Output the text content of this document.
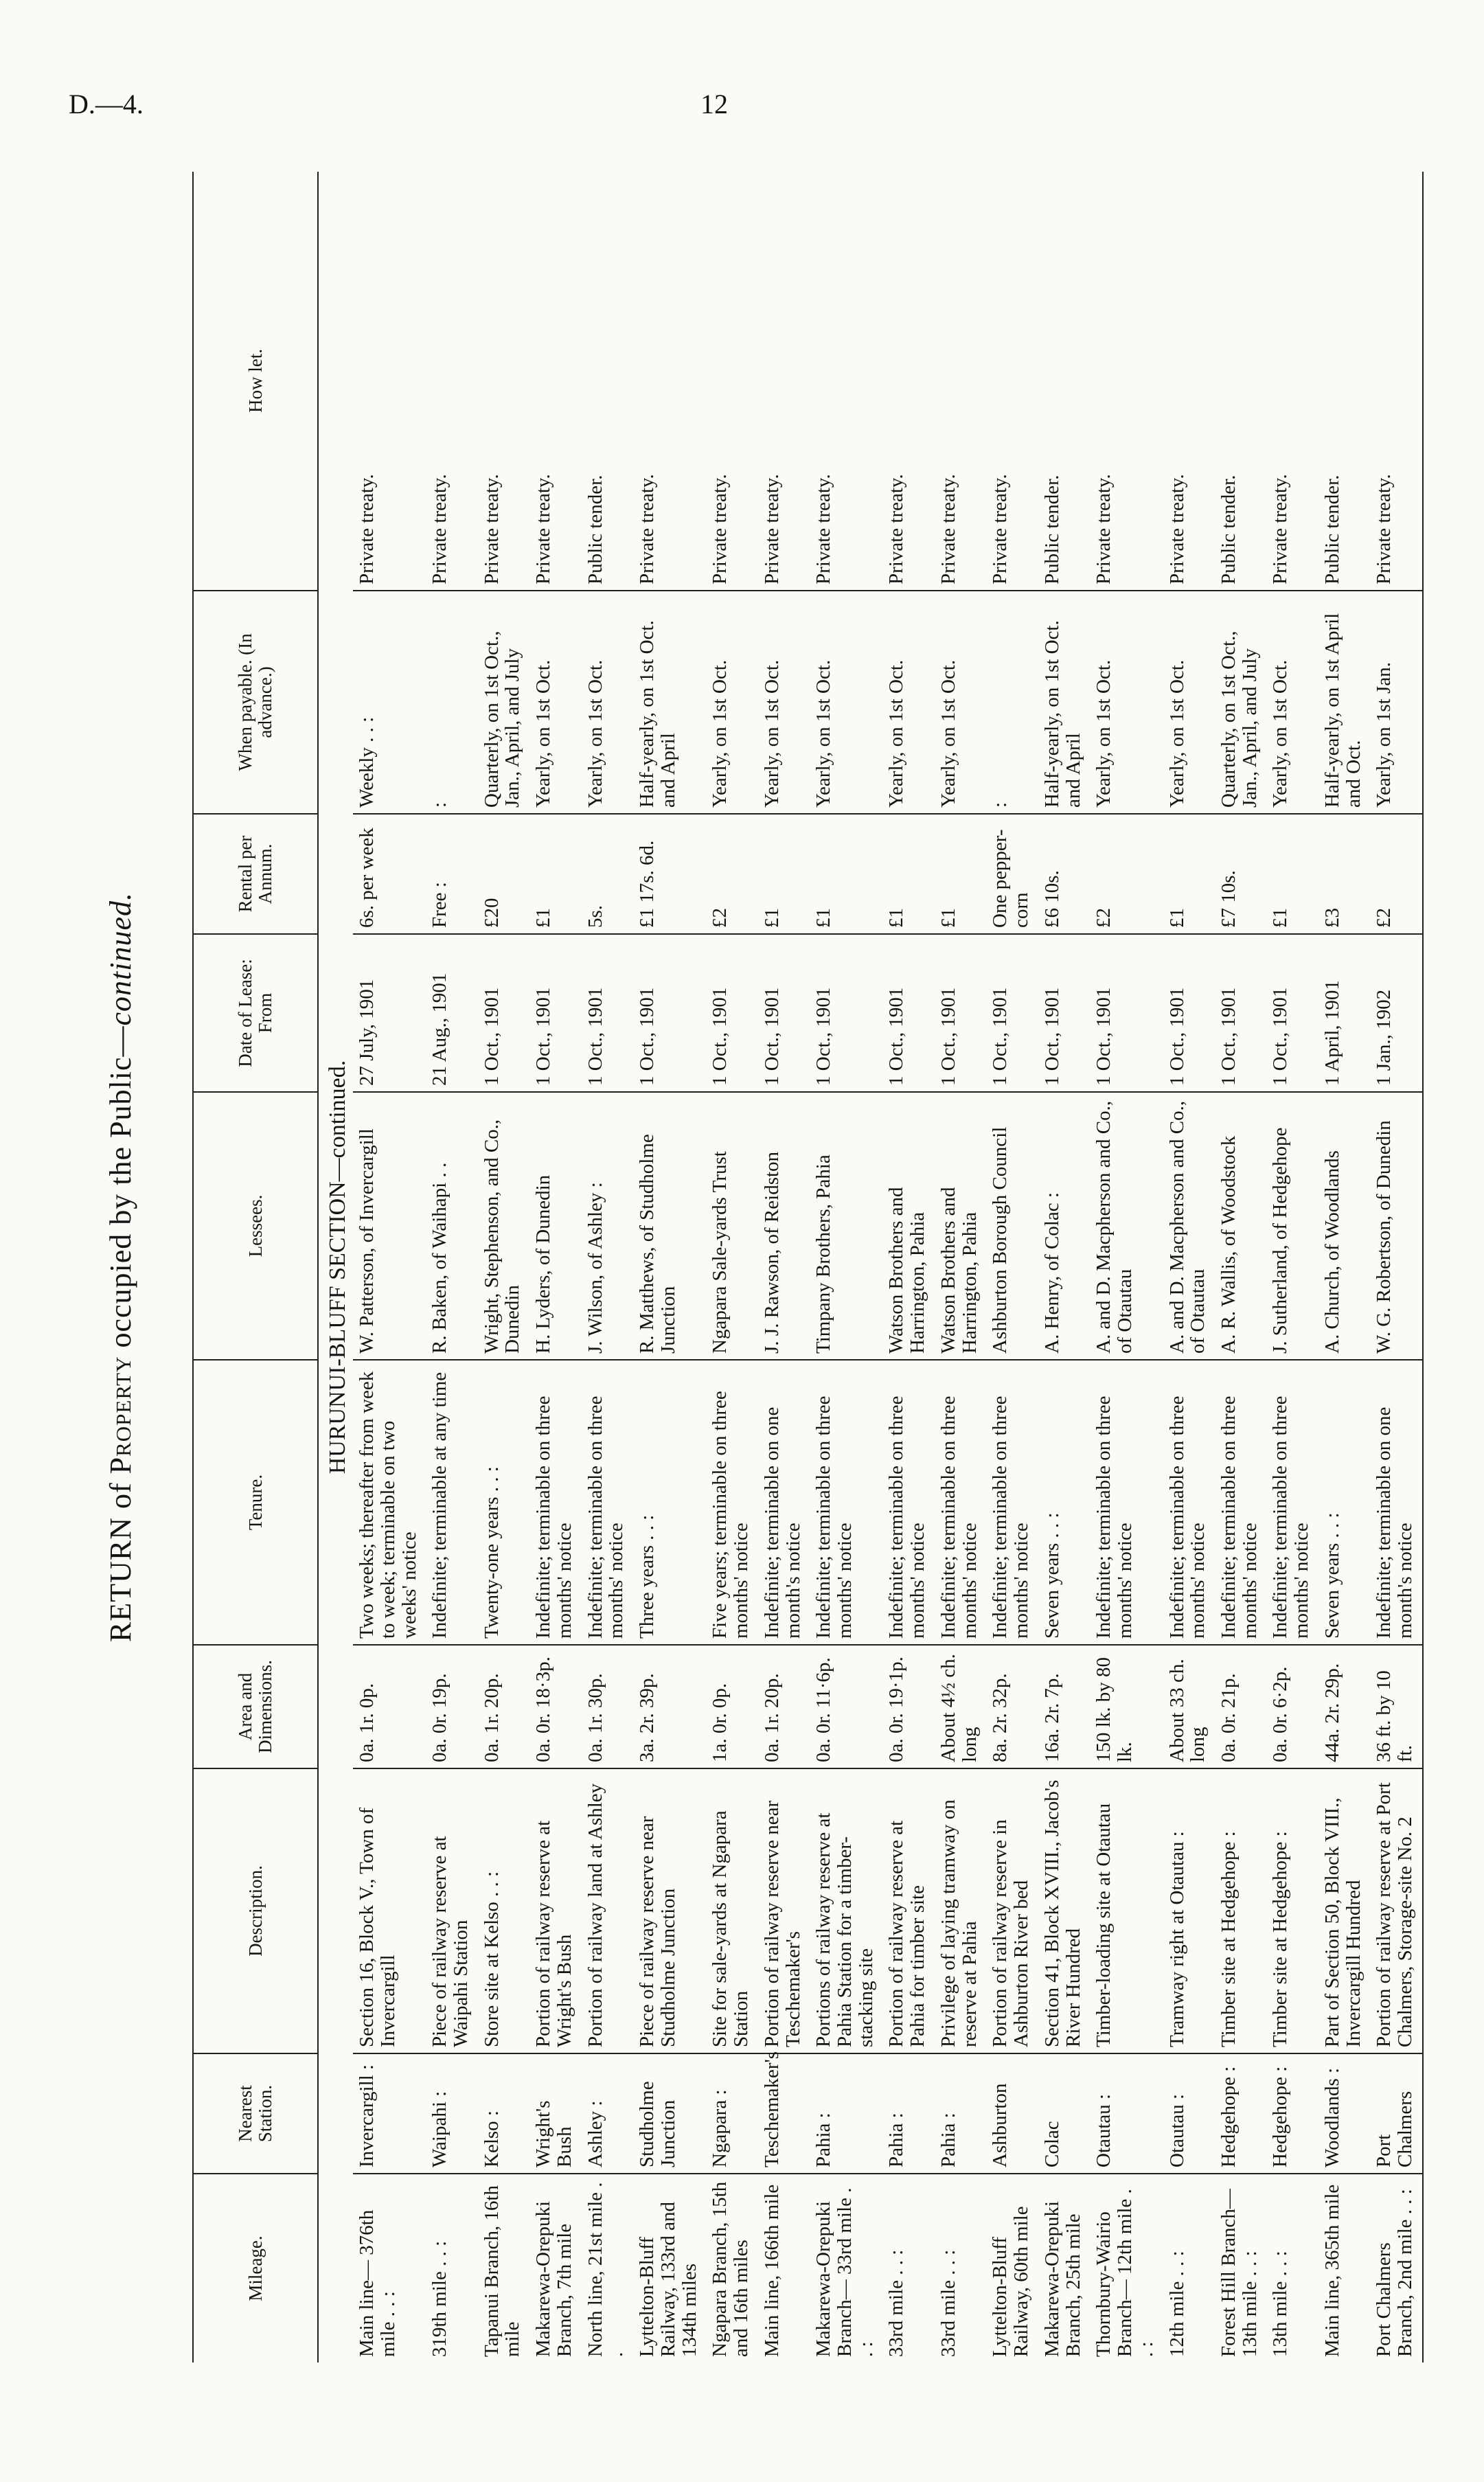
D.—4.	12
RETURN of Property occupied by the Public—continued.
Mileage.	Nearest Station.	Description.	Area and Dimensions.	Tenure.	Lessees.	Date of Lease: From	Rental per Annum.	When payable. (In advance.)	How let.
HURUNUI-BLUFF SECTION—continued.									
Main line— 376th mile . . :	Invercargill :	Section 16, Block V., Town of Invercargill	0a. 1r. 0p.	Two weeks; thereafter from week to week; terminable on two weeks' notice	W. Patterson, of Invercargill	27 July, 1901	6s. per week	Weekly . . :	Private treaty.
319th mile . . :	Waipahi :	Piece of railway reserve at Waipahi Station	0a. 0r. 19p.	Indefinite; terminable at any time	R. Baken, of Waihapi . .	21 Aug., 1901	Free :	:	Private treaty.
Tapanui Branch, 16th mile	Kelso :	Store site at Kelso . . :	0a. 1r. 20p.	Twenty-one years . . :	Wright, Stephenson, and Co., Dunedin	1 Oct., 1901	£20	Quarterly, on 1st Oct., Jan., April, and July	Private treaty.
Makarewa-Orepuki Branch, 7th mile	Wright's Bush	Portion of railway reserve at Wright's Bush	0a. 0r. 18·3p.	Indefinite; terminable on three months' notice	H. Lyders, of Dunedin	1 Oct., 1901	£1	Yearly, on 1st Oct.	Private treaty.
North line, 21st mile . .	Ashley :	Portion of railway land at Ashley	0a. 1r. 30p.	Indefinite; terminable on three months' notice	J. Wilson, of Ashley :	1 Oct., 1901	5s.	Yearly, on 1st Oct.	Public tender.
Lyttelton-Bluff Railway, 133rd and 134th miles	Studholme Junction	Piece of railway reserve near Studholme Junction	3a. 2r. 39p.	Three years . . :	R. Matthews, of Studholme Junction	1 Oct., 1901	£1 17s. 6d.	Half-yearly, on 1st Oct. and April	Private treaty.
Ngapara Branch, 15th and 16th miles	Ngapara :	Site for sale-yards at Ngapara Station	1a. 0r. 0p.	Five years; terminable on three months' notice	Ngapara Sale-yards Trust	1 Oct., 1901	£2	Yearly, on 1st Oct.	Private treaty.
Main line, 166th mile	Teschemaker's	Portion of railway reserve near Teschemaker's	0a. 1r. 20p.	Indefinite; terminable on one month's notice	J. J. Rawson, of Reidston	1 Oct., 1901	£1	Yearly, on 1st Oct.	Private treaty.
Makarewa-Orepuki Branch— 33rd mile . . :	Pahia :	Portions of railway reserve at Pahia Station for a timber-stacking site	0a. 0r. 11·6p.	Indefinite; terminable on three months' notice	Timpany Brothers, Pahia	1 Oct., 1901	£1	Yearly, on 1st Oct.	Private treaty.
33rd mile . . :	Pahia :	Portion of railway reserve at Pahia for timber site	0a. 0r. 19·1p.	Indefinite; terminable on three months' notice	Watson Brothers and Harrington, Pahia	1 Oct., 1901	£1	Yearly, on 1st Oct.	Private treaty.
33rd mile . . :	Pahia :	Privilege of laying tramway on reserve at Pahia	About 4½ ch. long	Indefinite; terminable on three months' notice	Watson Brothers and Harrington, Pahia	1 Oct., 1901	£1	Yearly, on 1st Oct.	Private treaty.
Lyttelton-Bluff Railway, 60th mile	Ashburton	Portion of railway reserve in Ashburton River bed	8a. 2r. 32p.	Indefinite; terminable on three months' notice	Ashburton Borough Council	1 Oct., 1901	One pepper-corn	:	Private treaty.
Makarewa-Orepuki Branch, 25th mile	Colac	Section 41, Block XVIII., Jacob's River Hundred	16a. 2r. 7p.	Seven years . . :	A. Henry, of Colac :	1 Oct., 1901	£6 10s.	Half-yearly, on 1st Oct. and April	Public tender.
Thornbury-Wairio Branch— 12th mile . . :	Otautau :	Timber-loading site at Otautau	150 lk. by 80 lk.	Indefinite; terminable on three months' notice	A. and D. Macpherson and Co., of Otautau	1 Oct., 1901	£2	Yearly, on 1st Oct.	Private treaty.
12th mile . . :	Otautau :	Tramway right at Otautau :	About 33 ch. long	Indefinite; terminable on three months' notice	A. and D. Macpherson and Co., of Otautau	1 Oct., 1901	£1	Yearly, on 1st Oct.	Private treaty.
Forest Hill Branch— 13th mile . . :	Hedgehope :	Timber site at Hedgehope :	0a. 0r. 21p.	Indefinite; terminable on three months' notice	A. R. Wallis, of Woodstock	1 Oct., 1901	£7 10s.	Quarterly, on 1st Oct., Jan., April, and July	Public tender.
13th mile . . :	Hedgehope :	Timber site at Hedgehope :	0a. 0r. 6·2p.	Indefinite; terminable on three months' notice	J. Sutherland, of Hedgehope	1 Oct., 1901	£1	Yearly, on 1st Oct.	Private treaty.
Main line, 365th mile	Woodlands :	Part of Section 50, Block VIII., Invercargill Hundred	44a. 2r. 29p.	Seven years . . :	A. Church, of Woodlands	1 April, 1901	£3	Half-yearly, on 1st April and Oct.	Public tender.
Port Chalmers Branch, 2nd mile . . :	Port Chalmers	Portion of railway reserve at Port Chalmers, Storage-site No. 2	36 ft. by 10 ft.	Indefinite; terminable on one month's notice	W. G. Robertson, of Dunedin	1 Jan., 1902	£2	Yearly, on 1st Jan.	Private treaty.
